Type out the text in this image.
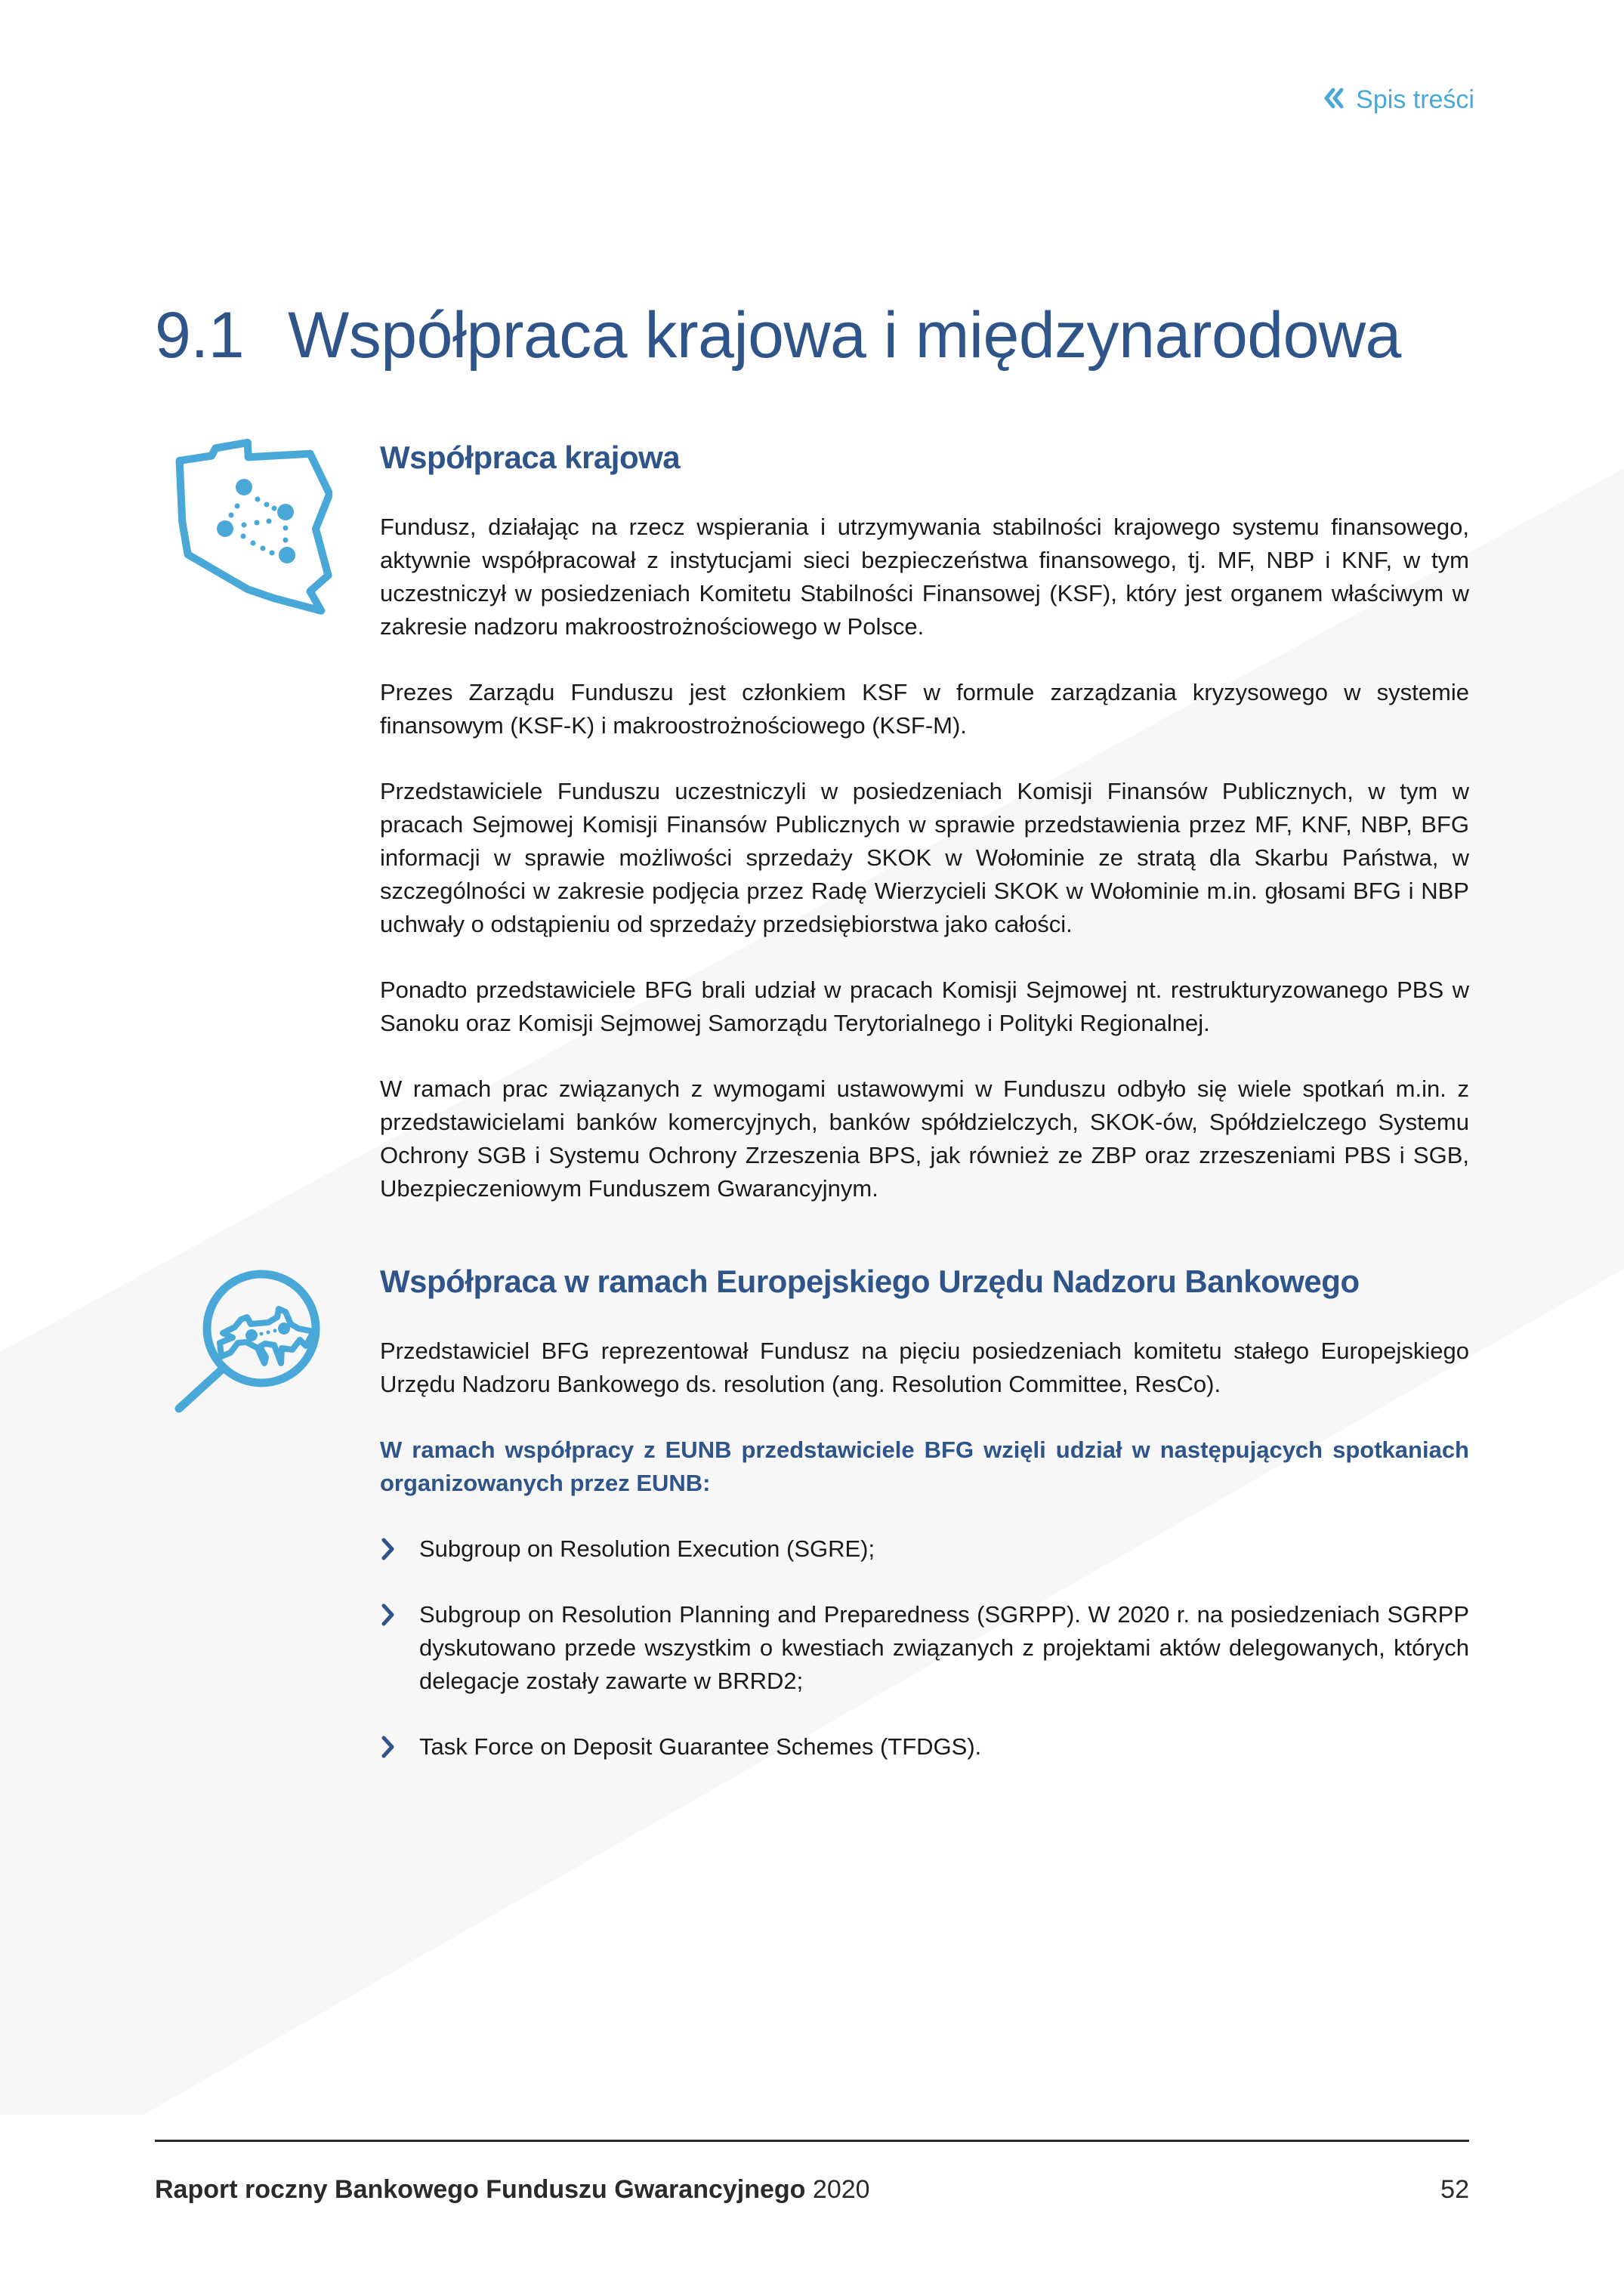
Spis treści
9.1 Współpraca krajowa i międzynarodowa
Współpraca krajowa

Fundusz, działając na rzecz wspierania i utrzymywania stabilności krajowego systemu finansowego, aktywnie współpracował z instytucjami sieci bezpieczeństwa finansowego, tj. MF, NBP i KNF, w tym uczestniczył w posiedzeniach Komitetu Stabilności Finansowej (KSF), który jest organem właściwym w zakresie nadzoru makroostrożnościowego w Polsce.

Prezes Zarządu Funduszu jest członkiem KSF w formule zarządzania kryzysowego w systemie finansowym (KSF-K) i makroostrożnościowego (KSF-M).

Przedstawiciele Funduszu uczestniczyli w posiedzeniach Komisji Finansów Publicznych, w tym w pracach Sejmowej Komisji Finansów Publicznych w sprawie przedstawienia przez MF, KNF, NBP, BFG informacji w sprawie możliwości sprzedaży SKOK w Wołominie ze stratą dla Skarbu Państwa, w szczególności w zakresie podjęcia przez Radę Wierzycieli SKOK w Wołominie m.in. głosami BFG i NBP uchwały o odstąpieniu od sprzedaży przedsiębiorstwa jako całości.

Ponadto przedstawiciele BFG brali udział w pracach Komisji Sejmowej nt. restrukturyzowanego PBS w Sanoku oraz Komisji Sejmowej Samorządu Terytorialnego i Polityki Regionalnej.

W ramach prac związanych z wymogami ustawowymi w Funduszu odbyło się wiele spotkań m.in. z przedstawicielami banków komercyjnych, banków spółdzielczych, SKOK-ów, Spółdzielczego Systemu Ochrony SGB i Systemu Ochrony Zrzeszenia BPS, jak również ze ZBP oraz zrzeszeniami PBS i SGB, Ubezpieczeniowym Funduszem Gwarancyjnym.

Współpraca w ramach Europejskiego Urzędu Nadzoru Bankowego

Przedstawiciel BFG reprezentował Fundusz na pięciu posiedzeniach komitetu stałego Europejskiego Urzędu Nadzoru Bankowego ds. resolution (ang. Resolution Committee, ResCo).

W ramach współpracy z EUNB przedstawiciele BFG wzięli udział w następujących spotkaniach organizowanych przez EUNB:

Subgroup on Resolution Execution (SGRE);

Subgroup on Resolution Planning and Preparedness (SGRPP). W 2020 r. na posiedzeniach SGRPP dyskutowano przede wszystkim o kwestiach związanych z projektami aktów delegowanych, których delegacje zostały zawarte w BRRD2;

Task Force on Deposit Guarantee Schemes (TFDGS).

Raport roczny Bankowego Funduszu Gwarancyjnego 2020	52
